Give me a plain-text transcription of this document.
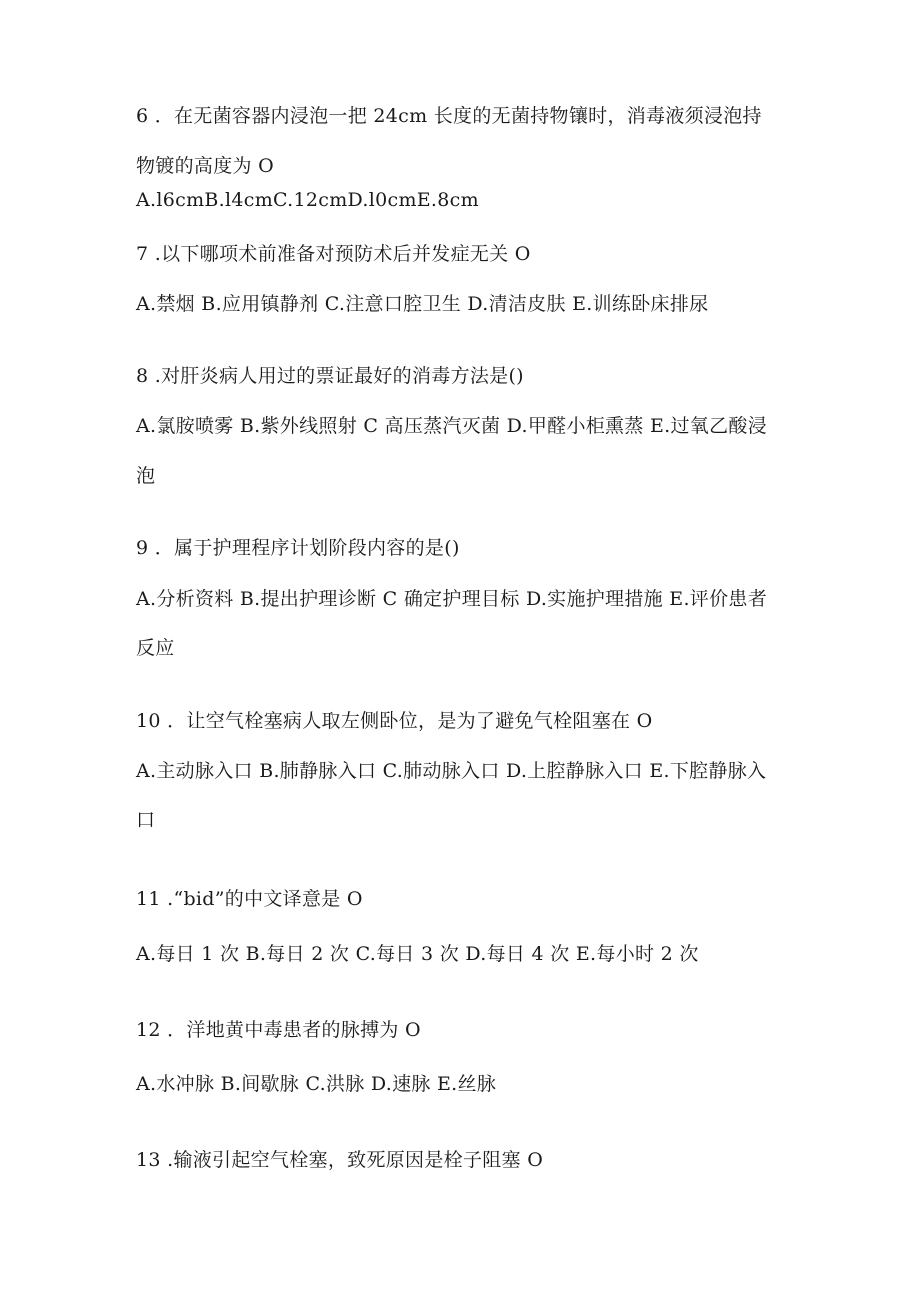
6 ．在无菌容器内浸泡一把 24cm 长度的无菌持物镶时，消毒液须浸泡持
物镀的高度为 O
A.l6cmB.l4cmC.12cmD.l0cmE.8cm
7 .以下哪项术前准备对预防术后并发症无关 O
A.禁烟 B.应用镇静剂 C.注意口腔卫生 D.清洁皮肤 E.训练卧床排尿
8 .对肝炎病人用过的票证最好的消毒方法是()
A.氯胺喷雾 B.紫外线照射 C 高压蒸汽灭菌 D.甲醛小柜熏蒸 E.过氧乙酸浸
泡
9 ．属于护理程序计划阶段内容的是()
A.分析资料 B.提出护理诊断 C 确定护理目标 D.实施护理措施 E.评价患者
反应
10 ．让空气栓塞病人取左侧卧位，是为了避免气栓阻塞在 O
A.主动脉入口 B.肺静脉入口 C.肺动脉入口 D.上腔静脉入口 E.下腔静脉入
口
11 .“bid”的中文译意是 O
A.每日 1 次 B.每日 2 次 C.每日 3 次 D.每日 4 次 E.每小时 2 次
12 ．洋地黄中毒患者的脉搏为 O
A.水冲脉 B.间歇脉 C.洪脉 D.速脉 E.丝脉
13 .输液引起空气栓塞，致死原因是栓子阻塞 O
